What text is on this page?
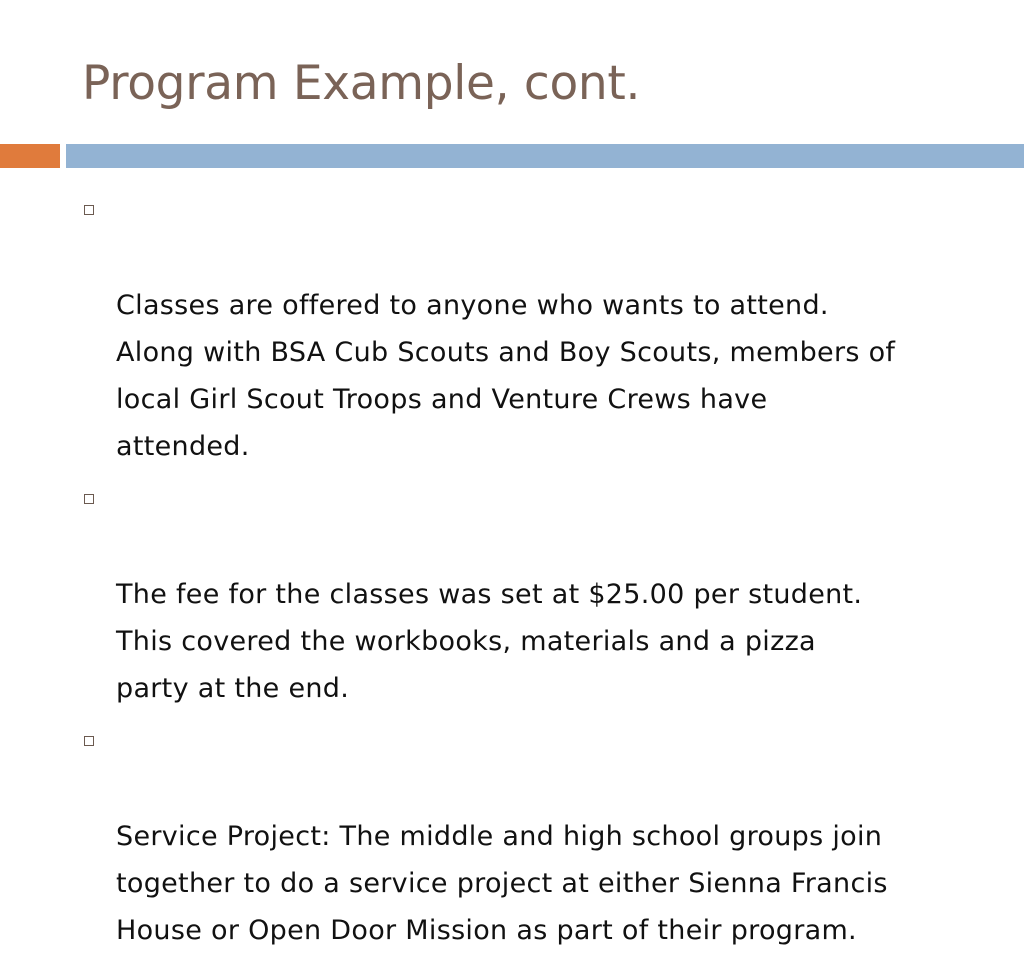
Program Example, cont.

Classes are offered to anyone who wants to attend.
Along with BSA Cub Scouts and Boy Scouts, members of
local Girl Scout Troops and Venture Crews have
attended.

The fee for the classes was set at $25.00 per student.
This covered the workbooks, materials and a pizza
party at the end.

Service Project: The middle and high school groups join
together to do a service project at either Sienna Francis
House or Open Door Mission as part of their program.
